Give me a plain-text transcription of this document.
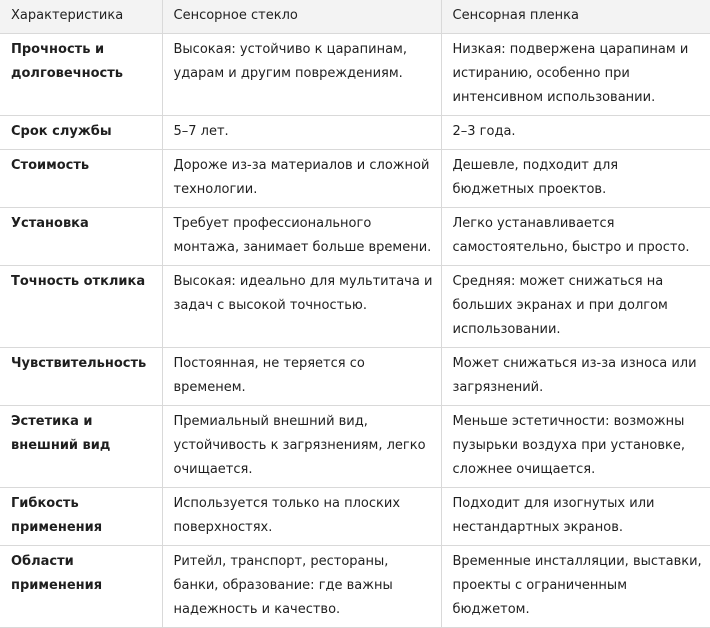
Характеристика	Сенсорное стекло	Сенсорная пленка
Прочность и долговечность	Высокая: устойчиво к царапинам, ударам и другим повреждениям.	Низкая: подвержена царапинам и истиранию, особенно при интенсивном использовании.
Срок службы	5–7 лет.	2–3 года.
Стоимость	Дороже из-за материалов и сложной технологии.	Дешевле, подходит для бюджетных проектов.
Установка	Требует профессионального монтажа, занимает больше времени.	Легко устанавливается самостоятельно, быстро и просто.
Точность отклика	Высокая: идеально для мультитача и задач с высокой точностью.	Средняя: может снижаться на больших экранах и при долгом использовании.
Чувствительность	Постоянная, не теряется со временем.	Может снижаться из-за износа или загрязнений.
Эстетика и внешний вид	Премиальный внешний вид, устойчивость к загрязнениям, легко очищается.	Меньше эстетичности: возможны пузырьки воздуха при установке, сложнее очищается.
Гибкость применения	Используется только на плоских поверхностях.	Подходит для изогнутых или нестандартных экранов.
Области применения	Ритейл, транспорт, рестораны, банки, образование: где важны надежность и качество.	Временные инсталляции, выставки, проекты с ограниченным бюджетом.
